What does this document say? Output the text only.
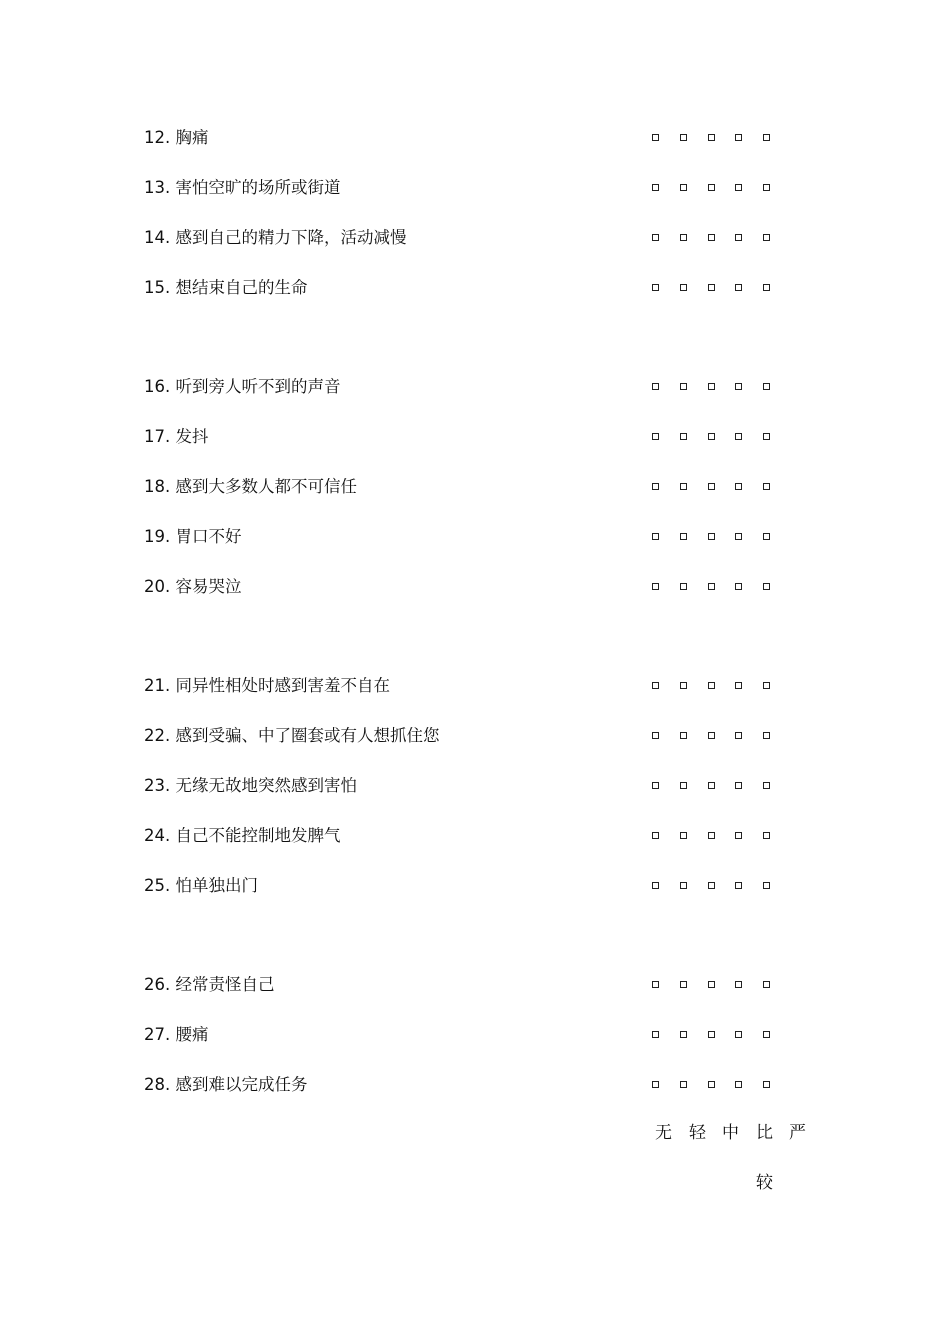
12. 胸痛
13. 害怕空旷的场所或街道
14. 感到自己的精力下降，活动减慢
15. 想结束自己的生命
16. 听到旁人听不到的声音
17. 发抖
18. 感到大多数人都不可信任
19. 胃口不好
20. 容易哭泣
21. 同异性相处时感到害羞不自在
22. 感到受骗、中了圈套或有人想抓住您
23. 无缘无故地突然感到害怕
24. 自己不能控制地发脾气
25. 怕单独出门
26. 经常责怪自己
27. 腰痛
28. 感到难以完成任务
无 轻 中 比 严
较
